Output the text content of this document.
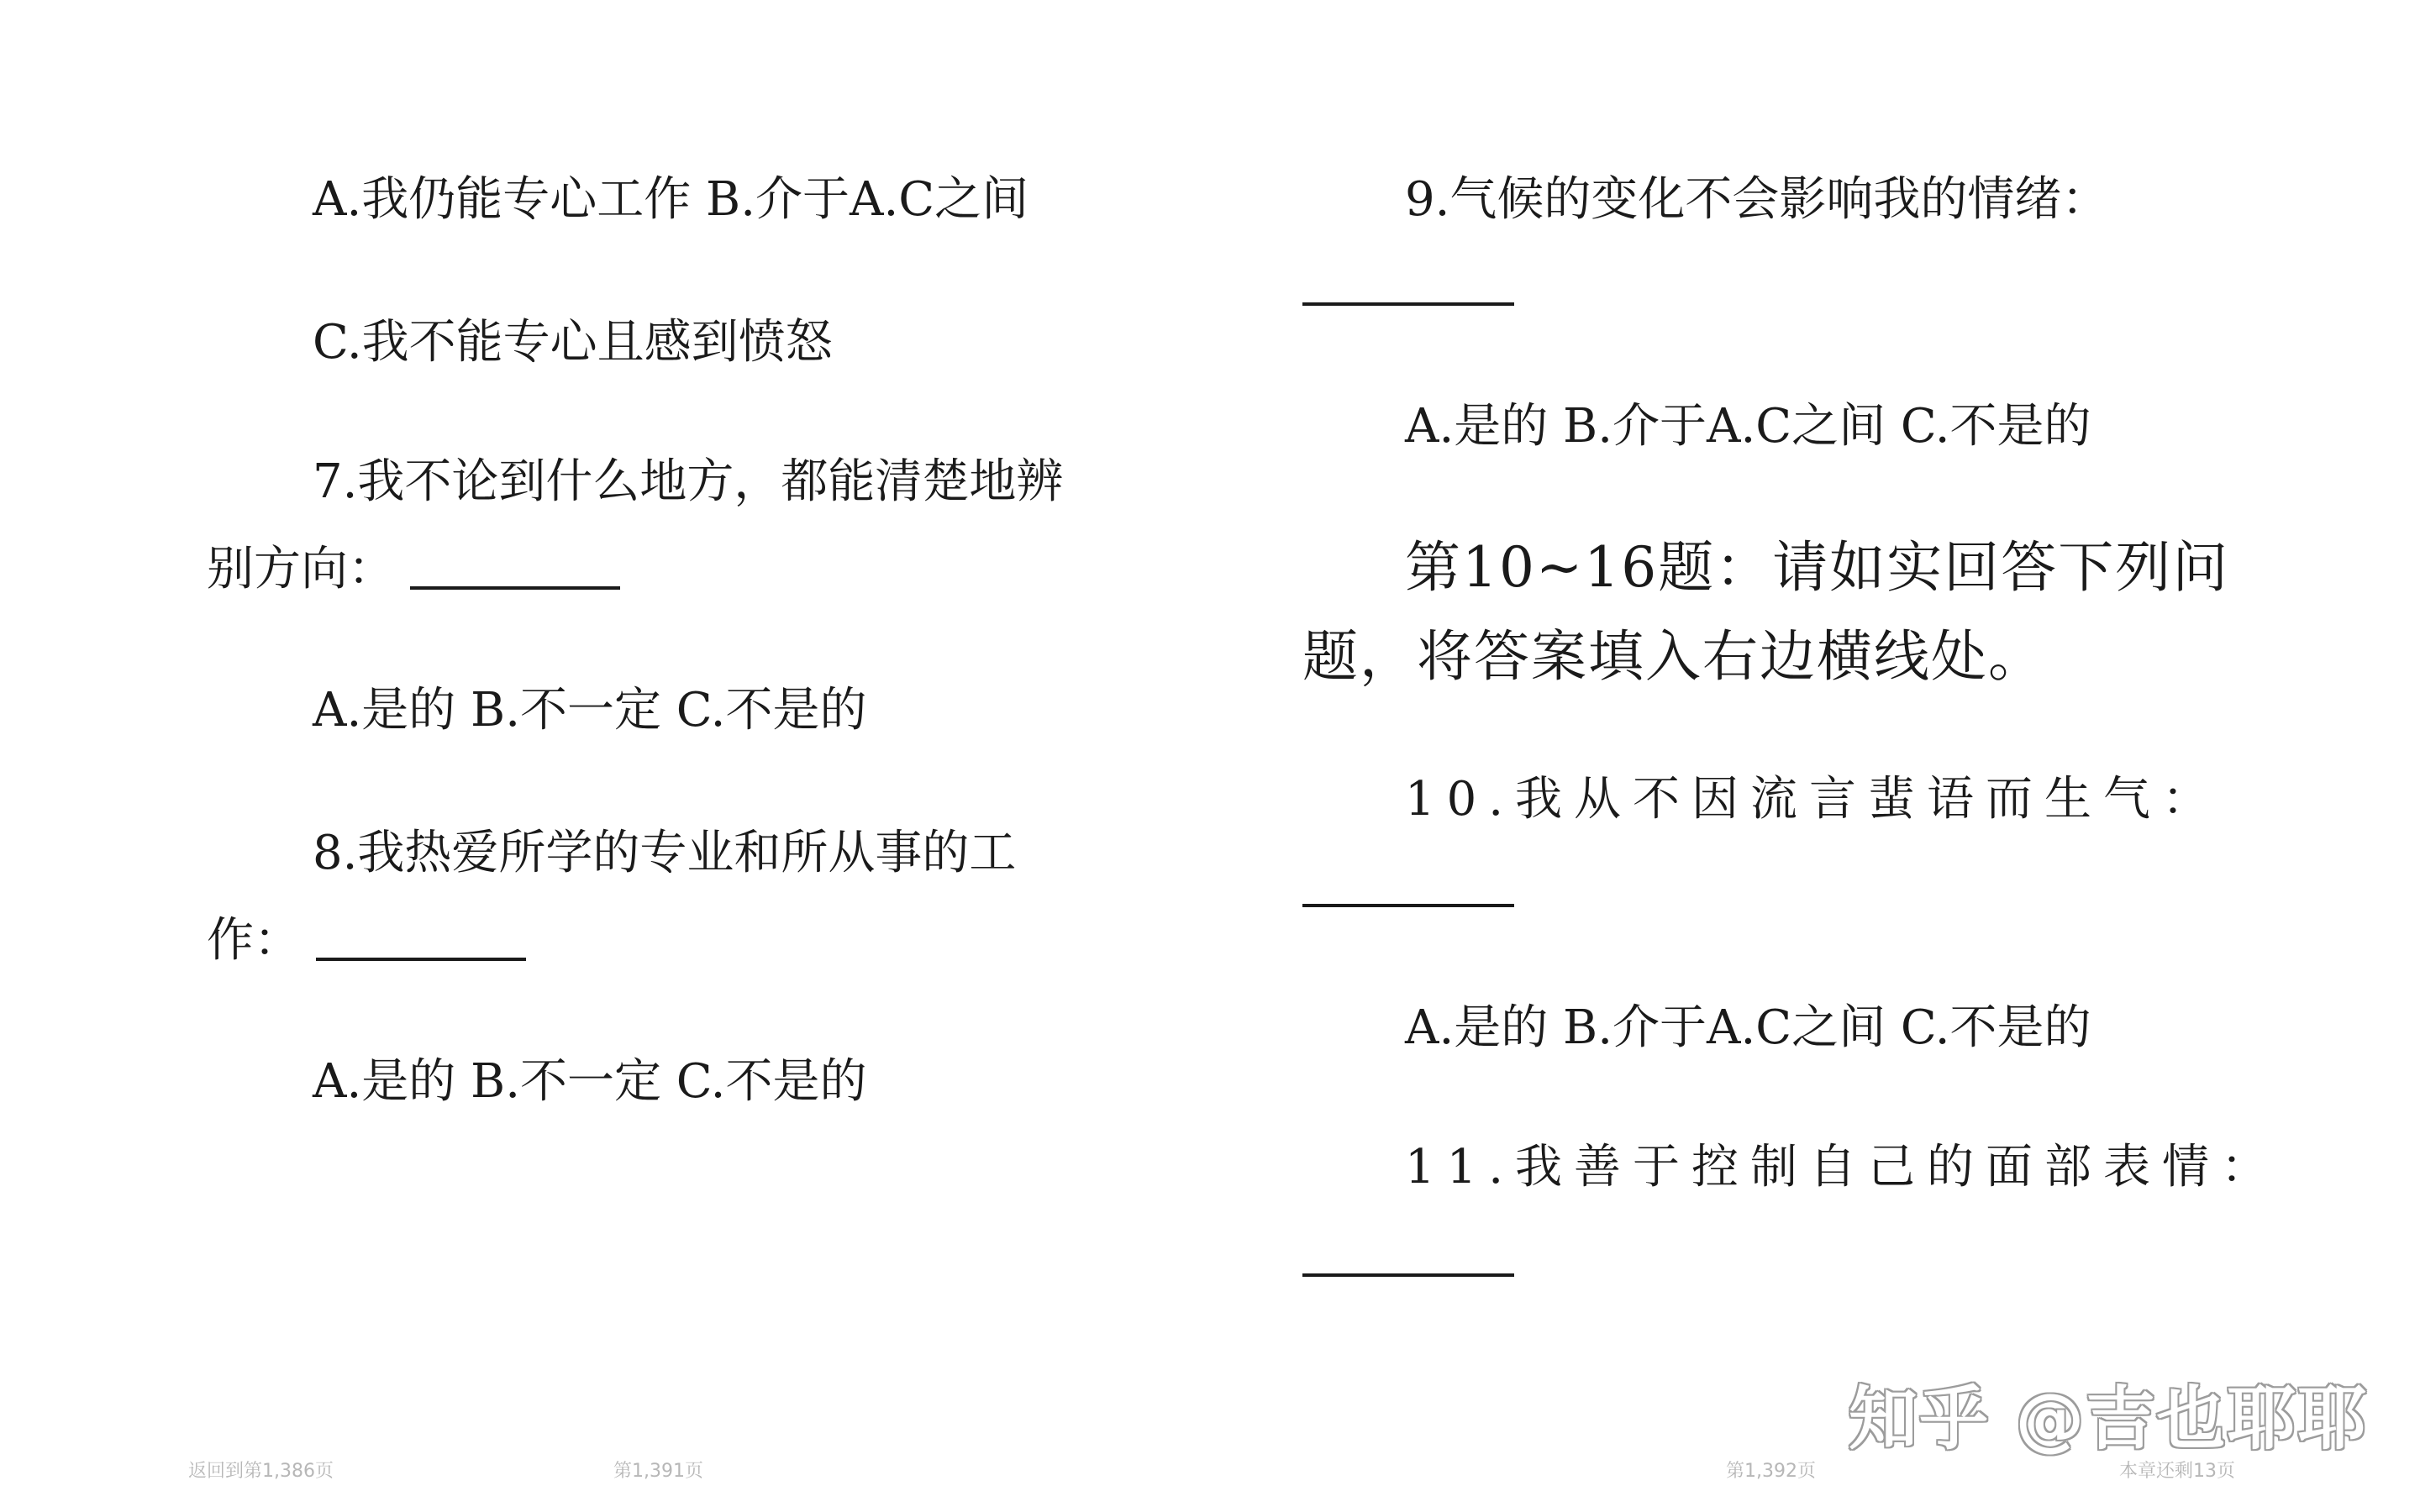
A.我仍能专心工作 B.介于A.C之间
C.我不能专心且感到愤怒
7.我不论到什么地方，都能清楚地辨
别方向：
A.是的 B.不一定 C.不是的
8.我热爱所学的专业和所从事的工
作：
A.是的 B.不一定 C.不是的
9.气候的变化不会影响我的情绪：
A.是的 B.介于A.C之间 C.不是的
第10~16题：请如实回答下列问
题，将答案填入右边横线处。
10.我从不因流言蜚语而生气：
A.是的 B.介于A.C之间 C.不是的
11.我善于控制自己的面部表情：
返回到第1,386页	第1,391页	第1,392页	本章还剩13页
知乎 @吉也耶耶
